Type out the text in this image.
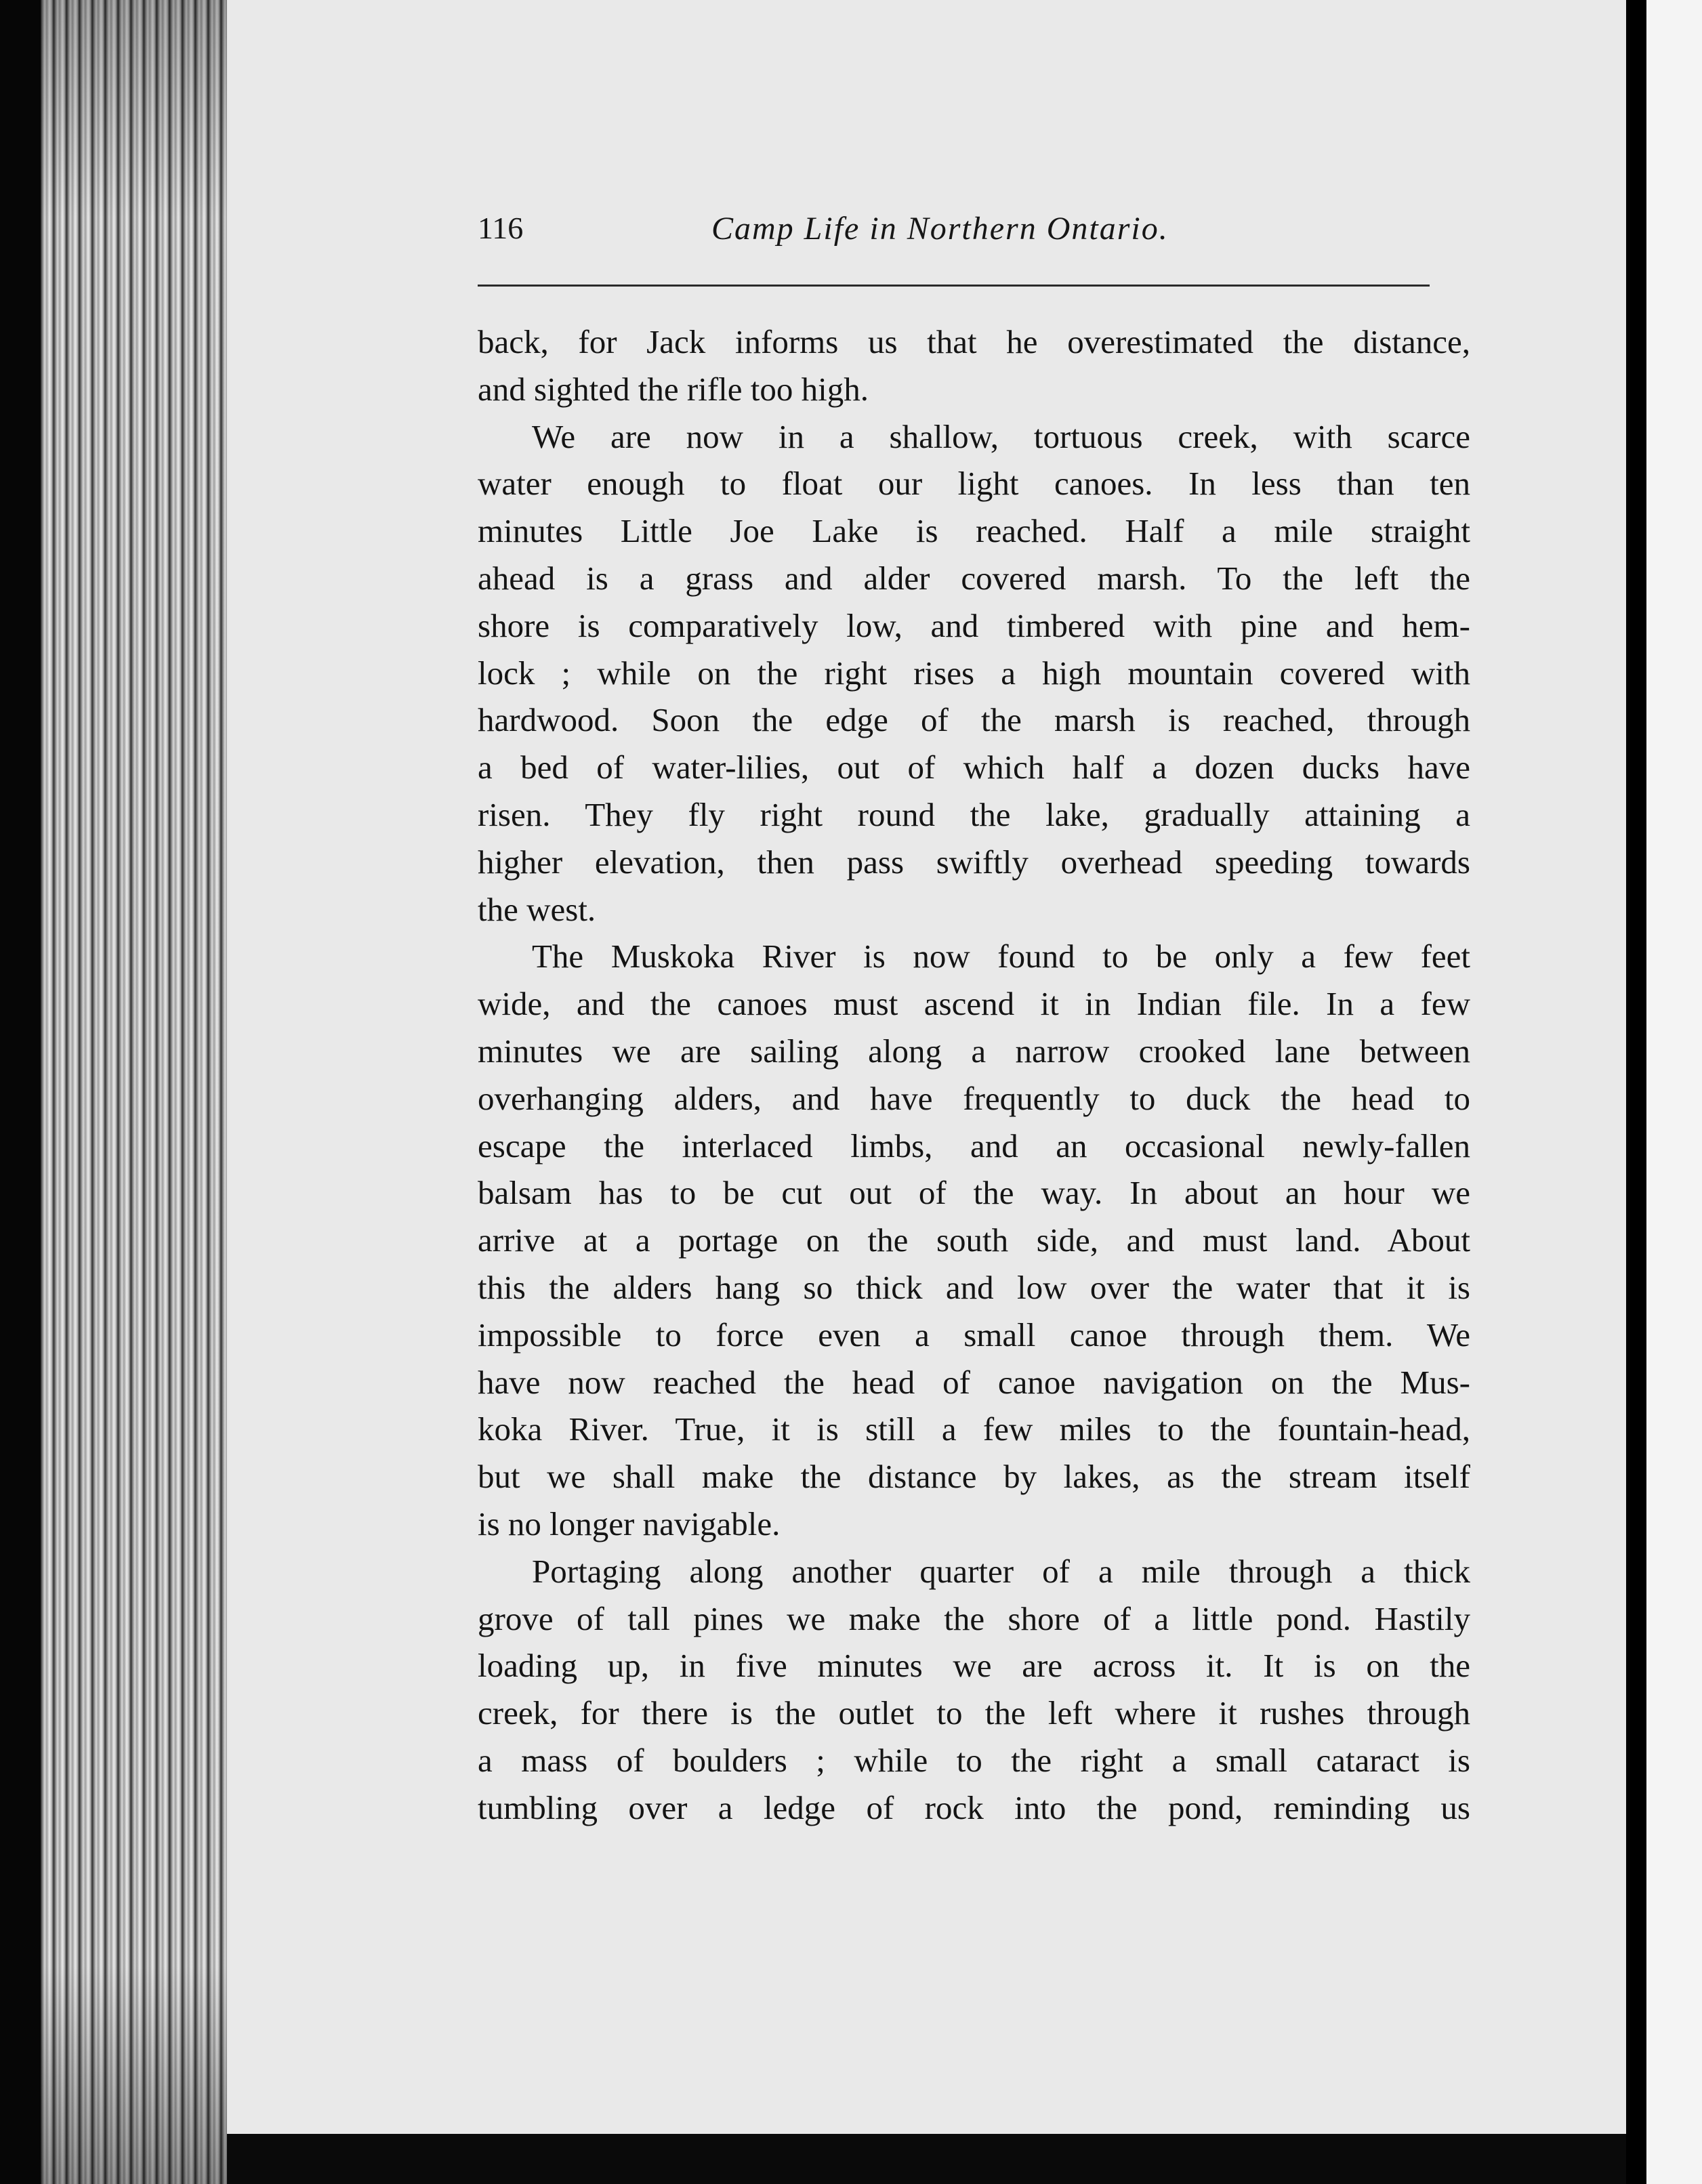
116	Camp Life in Northern Ontario.
back, for Jack informs us that he overestimated the distance,
and sighted the rifle too high.
We are now in a shallow, tortuous creek, with scarce
water enough to float our light canoes. In less than ten
minutes Little Joe Lake is reached. Half a mile straight
ahead is a grass and alder covered marsh. To the left the
shore is comparatively low, and timbered with pine and hem-
lock ; while on the right rises a high mountain covered with
hardwood. Soon the edge of the marsh is reached, through
a bed of water-lilies, out of which half a dozen ducks have
risen. They fly right round the lake, gradually attaining a
higher elevation, then pass swiftly overhead speeding towards
the west.
The Muskoka River is now found to be only a few feet
wide, and the canoes must ascend it in Indian file. In a few
minutes we are sailing along a narrow crooked lane between
overhanging alders, and have frequently to duck the head to
escape the interlaced limbs, and an occasional newly-fallen
balsam has to be cut out of the way. In about an hour we
arrive at a portage on the south side, and must land. About
this the alders hang so thick and low over the water that it is
impossible to force even a small canoe through them. We
have now reached the head of canoe navigation on the Mus-
koka River. True, it is still a few miles to the fountain-head,
but we shall make the distance by lakes, as the stream itself
is no longer navigable.
Portaging along another quarter of a mile through a thick
grove of tall pines we make the shore of a little pond. Hastily
loading up, in five minutes we are across it. It is on the
creek, for there is the outlet to the left where it rushes through
a mass of boulders ; while to the right a small cataract is
tumbling over a ledge of rock into the pond, reminding us
